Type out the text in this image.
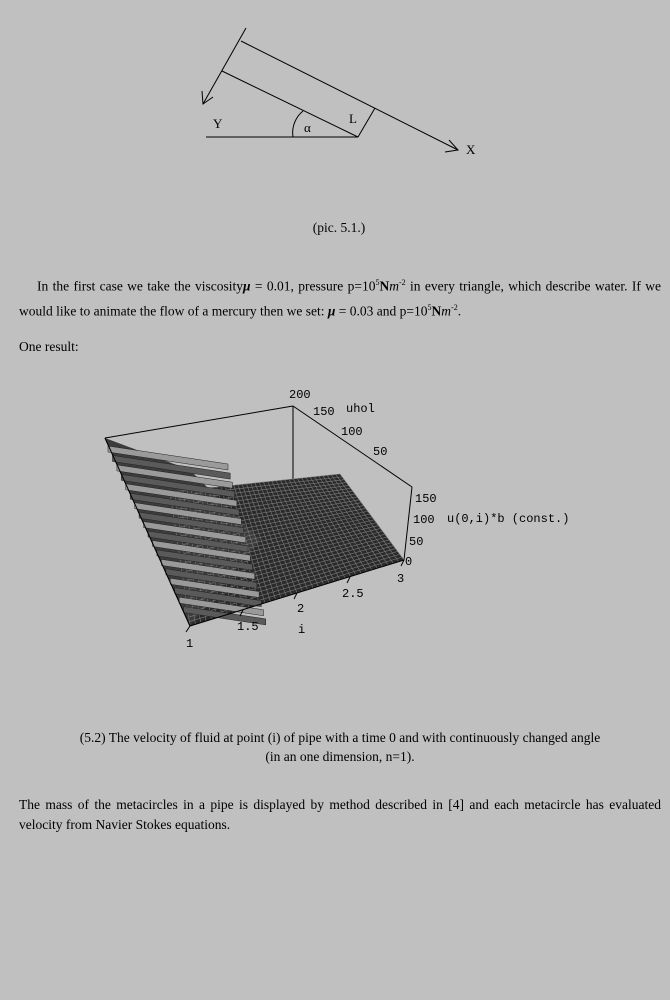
Y	L
X
α
(pic. 5.1.)
In the first case we take the viscosityμ = 0.01, pressure $p=10^5Nm^{-2}$ in every triangle, which describe water. If we would like to animate the flow of a mercury then we set: μ = 0.03 and $p=10^5Nm^{-2}$.
One result:
200
150 uhol
100
50
150
100 u(0,i)*b (const.)
50
0
3
2.5
2
i
1.5
1
(5.2) The velocity of fluid at point (i) of pipe with a time 0 and with continuously changed angle
(in an one dimension, n=1).
The mass of the metacircles in a pipe is displayed by method described in [4] and each metacircle has evaluated velocity from Navier Stokes equations.
